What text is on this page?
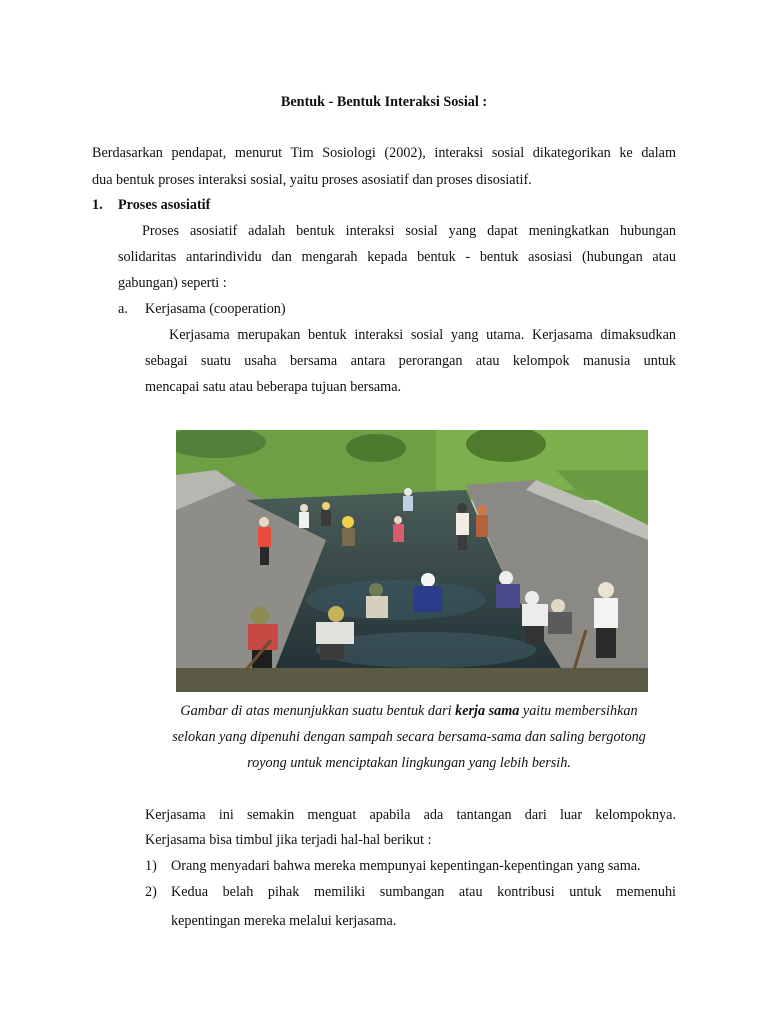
Bentuk - Bentuk Interaksi Sosial :
Berdasarkan pendapat, menurut Tim Sosiologi (2002), interaksi sosial dikategorikan ke dalam
dua bentuk proses interaksi sosial, yaitu proses asosiatif dan proses disosiatif.
1. Proses asosiatif
Proses asosiatif adalah bentuk interaksi sosial yang dapat meningkatkan hubungan
solidaritas antarindividu dan mengarah kepada bentuk - bentuk asosiasi (hubungan atau
gabungan) seperti :
a. Kerjasama (cooperation)
Kerjasama merupakan bentuk interaksi sosial yang utama. Kerjasama dimaksudkan
sebagai suatu usaha bersama antara perorangan atau kelompok manusia untuk
mencapai satu atau beberapa tujuan bersama.
Gambar di atas menunjukkan suatu bentuk dari kerja sama yaitu membersihkan
selokan yang dipenuhi dengan sampah secara bersama-sama dan saling bergotong
royong untuk menciptakan lingkungan yang lebih bersih.
Kerjasama ini semakin menguat apabila ada tantangan dari luar kelompoknya.
Kerjasama bisa timbul jika terjadi hal-hal berikut :
1) Orang menyadari bahwa mereka mempunyai kepentingan-kepentingan yang sama.
2) Kedua belah pihak memiliki sumbangan atau kontribusi untuk memenuhi
kepentingan mereka melalui kerjasama.
